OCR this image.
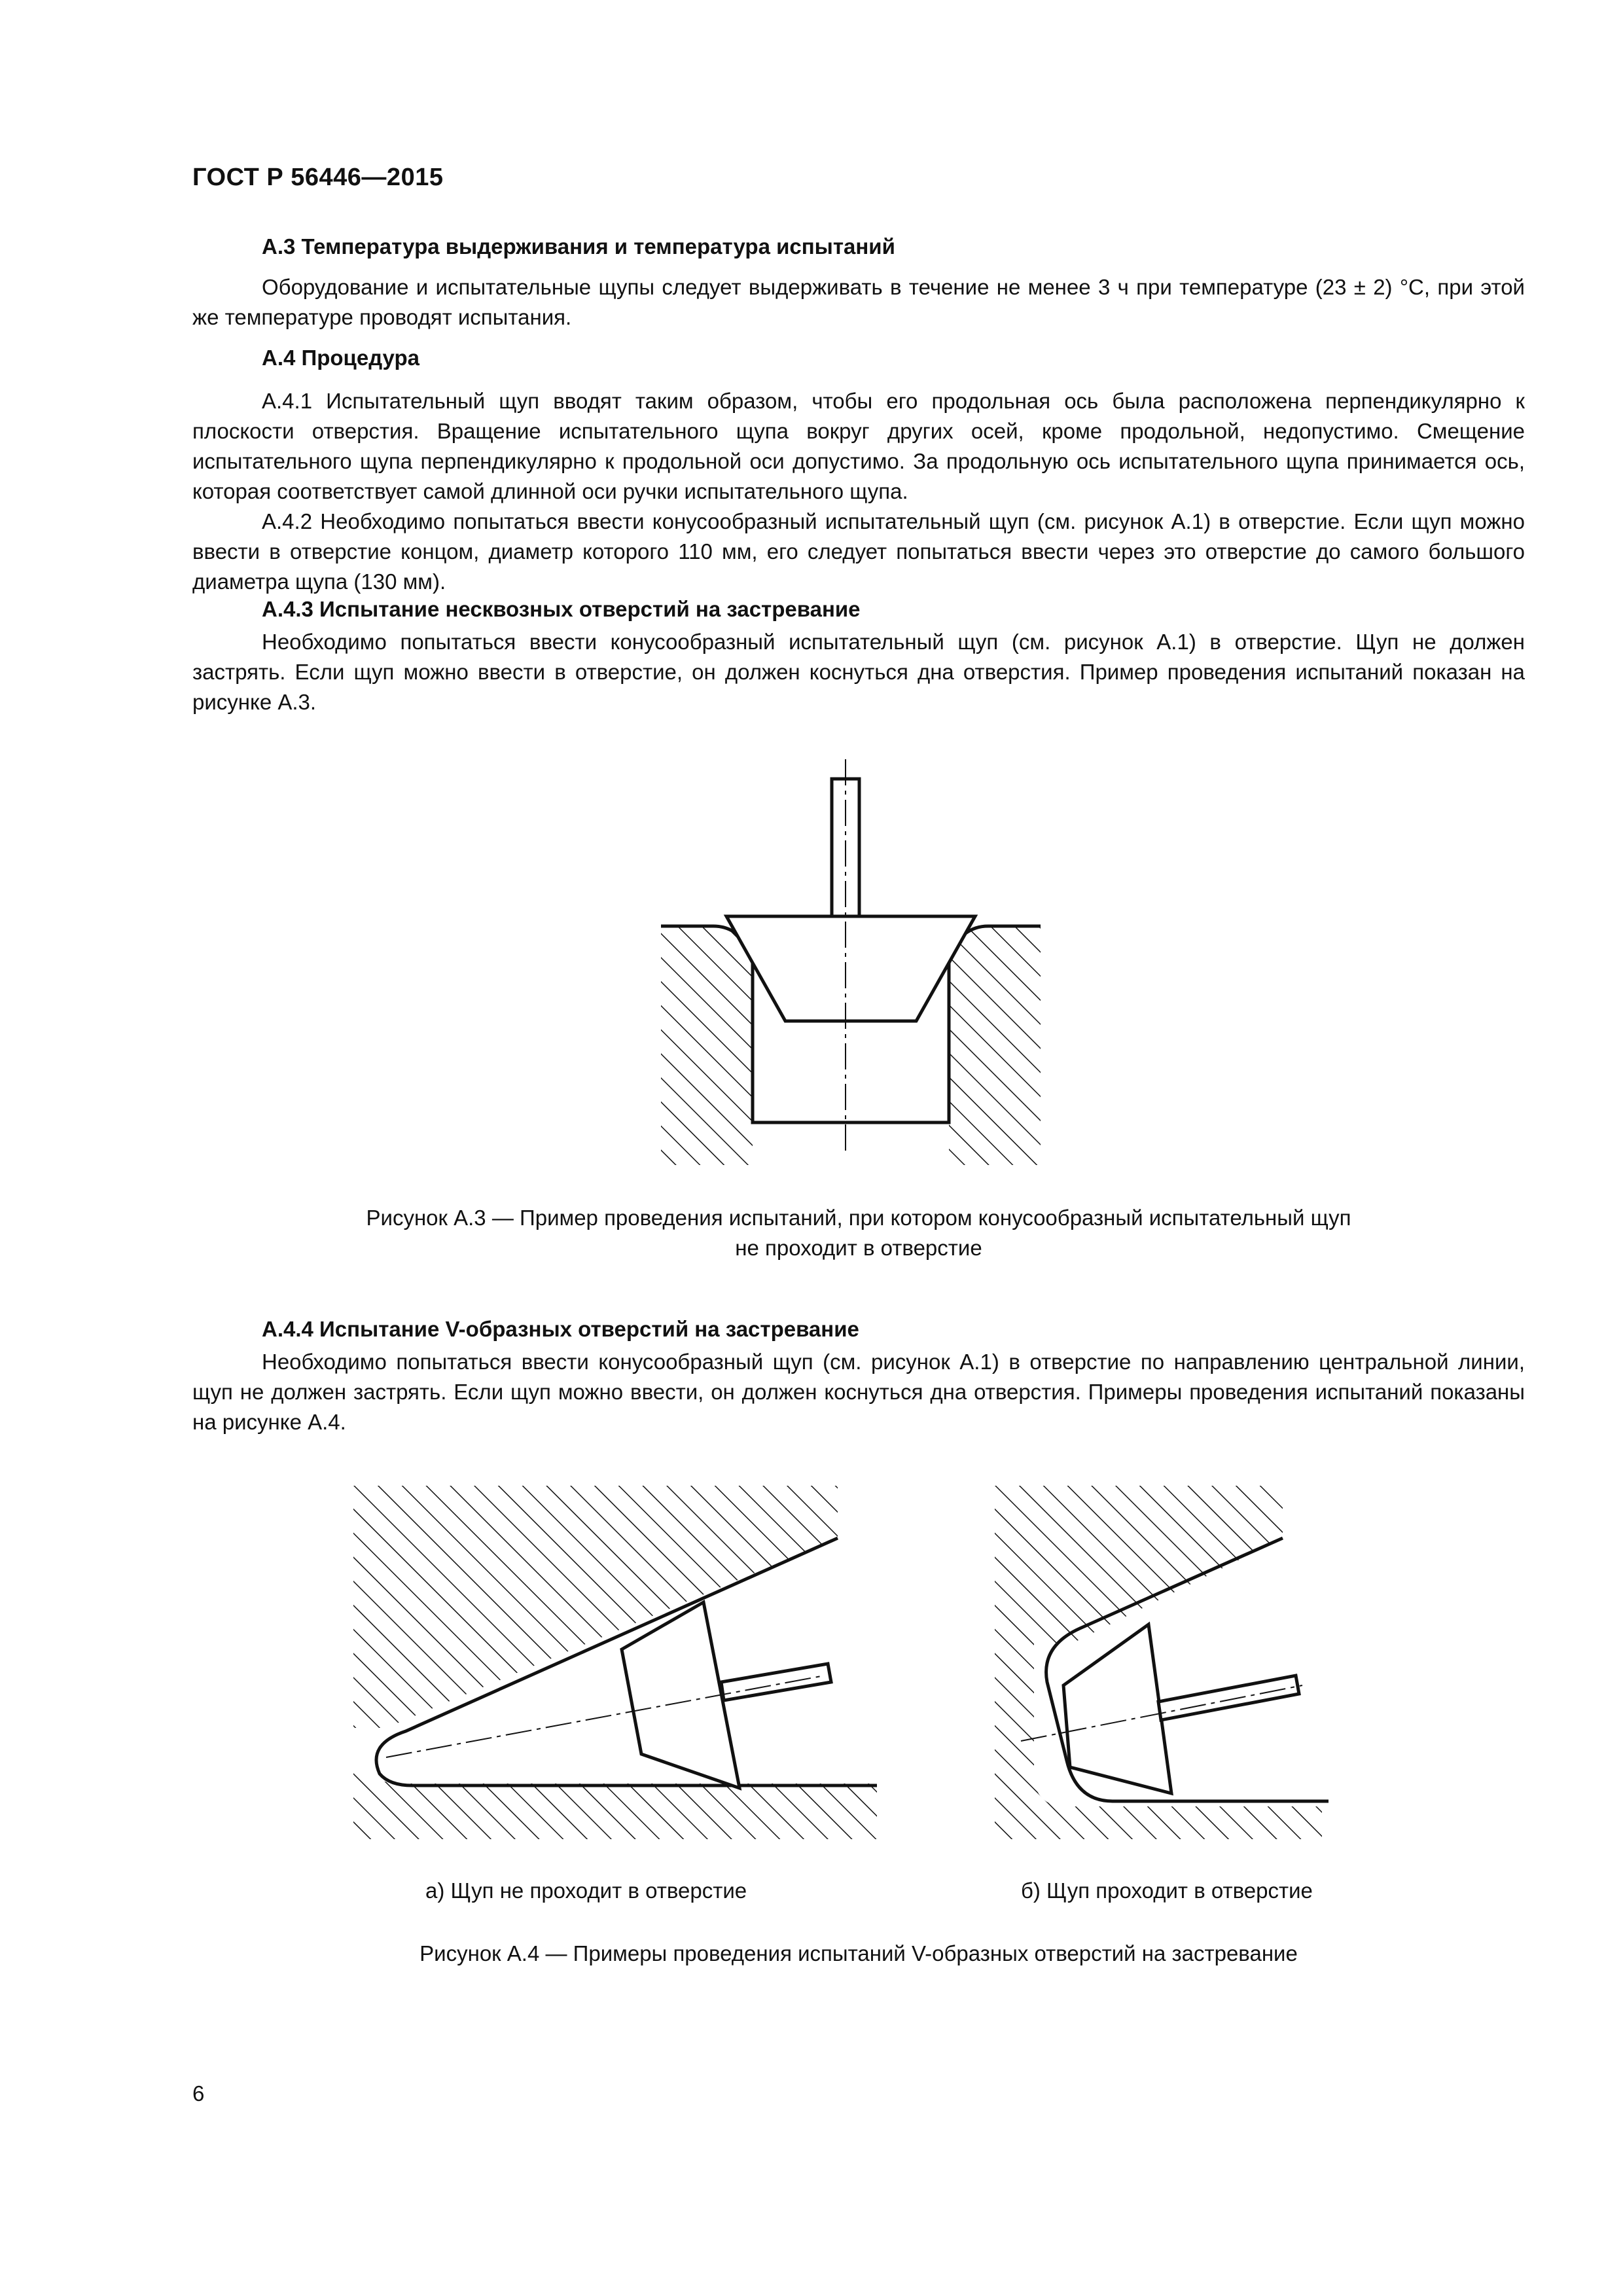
ГОСТ Р 56446—2015
А.3 Температура выдерживания и температура испытаний

Оборудование и испытательные щупы следует выдерживать в течение не менее 3 ч при температуре (23 ± 2) °С, при этой же температуре проводят испытания.

А.4 Процедура

А.4.1 Испытательный щуп вводят таким образом, чтобы его продольная ось была расположена перпендикулярно к плоскости отверстия. Вращение испытательного щупа вокруг других осей, кроме продольной, недопустимо. Смещение испытательного щупа перпендикулярно к продольной оси допустимо. За продольную ось испытательного щупа принимается ось, которая соответствует самой длинной оси ручки испытательного щупа.

А.4.2 Необходимо попытаться ввести конусообразный испытательный щуп (см. рисунок А.1) в отверстие. Если щуп можно ввести в отверстие концом, диаметр которого 110 мм, его следует попытаться ввести через это отверстие до самого большого диаметра щупа (130 мм).

А.4.3 Испытание несквозных отверстий на застревание

Необходимо попытаться ввести конусообразный испытательный щуп (см. рисунок А.1) в отверстие. Щуп не должен застрять. Если щуп можно ввести в отверстие, он должен коснуться дна отверстия. Пример проведения испытаний показан на рисунке А.3.

Рисунок А.3 — Пример проведения испытаний, при котором конусообразный испытательный щуп
не проходит в отверстие
А.4.4 Испытание V-образных отверстий на застревание

Необходимо попытаться ввести конусообразный щуп (см. рисунок А.1) в отверстие по направлению центральной линии, щуп не должен застрять. Если щуп можно ввести, он должен коснуться дна отверстия. Примеры проведения испытаний показаны на рисунке А.4.

а) Щуп не проходит в отверстие	б) Щуп проходит в отверстие
Рисунок А.4 — Примеры проведения испытаний V-образных отверстий на застревание
6
